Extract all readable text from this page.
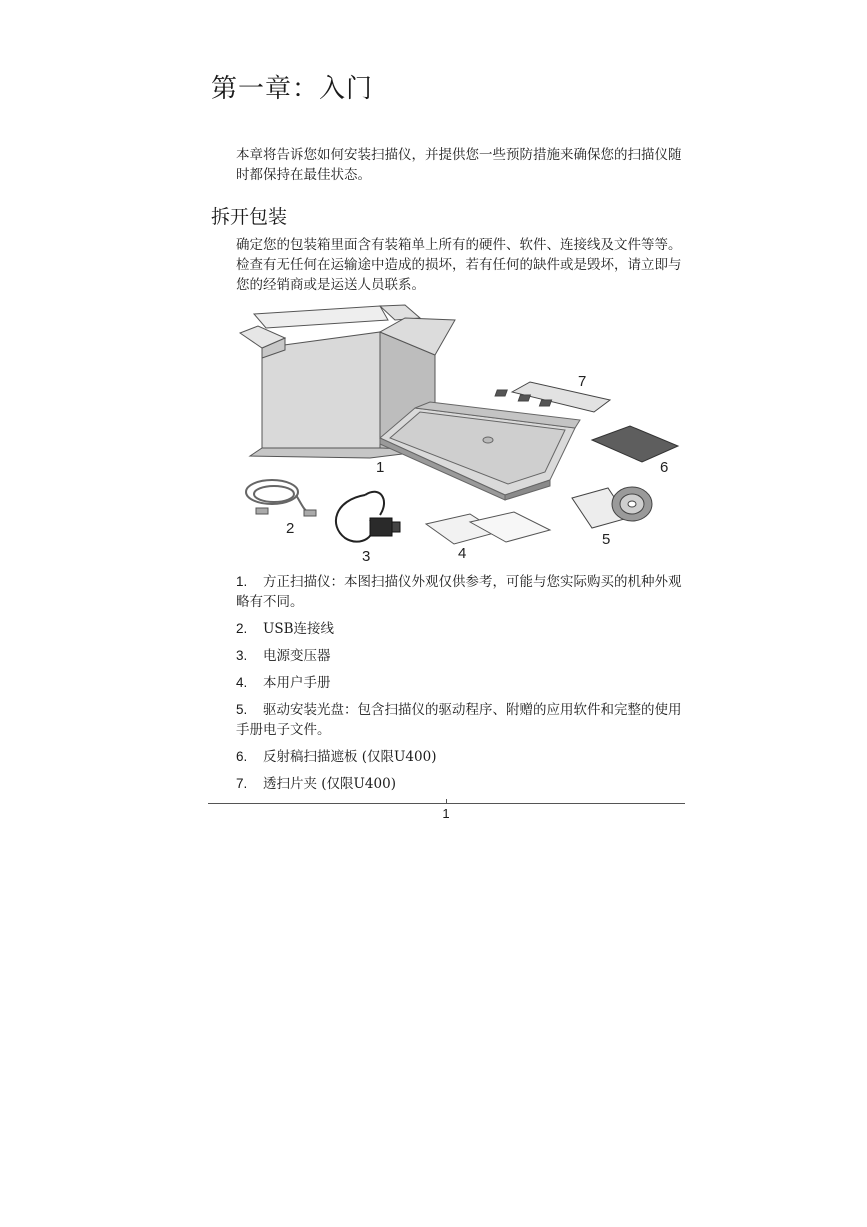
第一章：入门

本章将告诉您如何安装扫描仪，并提供您一些预防措施来确保您的扫描仪随时都保持在最佳状态。

拆开包装

确定您的包装箱里面含有装箱单上所有的硬件、软件、连接线及文件等等。检查有无任何在运输途中造成的损坏，若有任何的缺件或是毁坏，请立即与您的经销商或是运送人员联系。

1
2
3	4
5
6
7
1. 方正扫描仪：本图扫描仪外观仅供参考，可能与您实际购买的机种外观略有不同。
2. USB连接线
3. 电源变压器
4. 本用户手册
5. 驱动安装光盘：包含扫描仪的驱动程序、附赠的应用软件和完整的使用手册电子文件。
6. 反射稿扫描遮板 (仅限U400)
7. 透扫片夹 (仅限U400)
1
